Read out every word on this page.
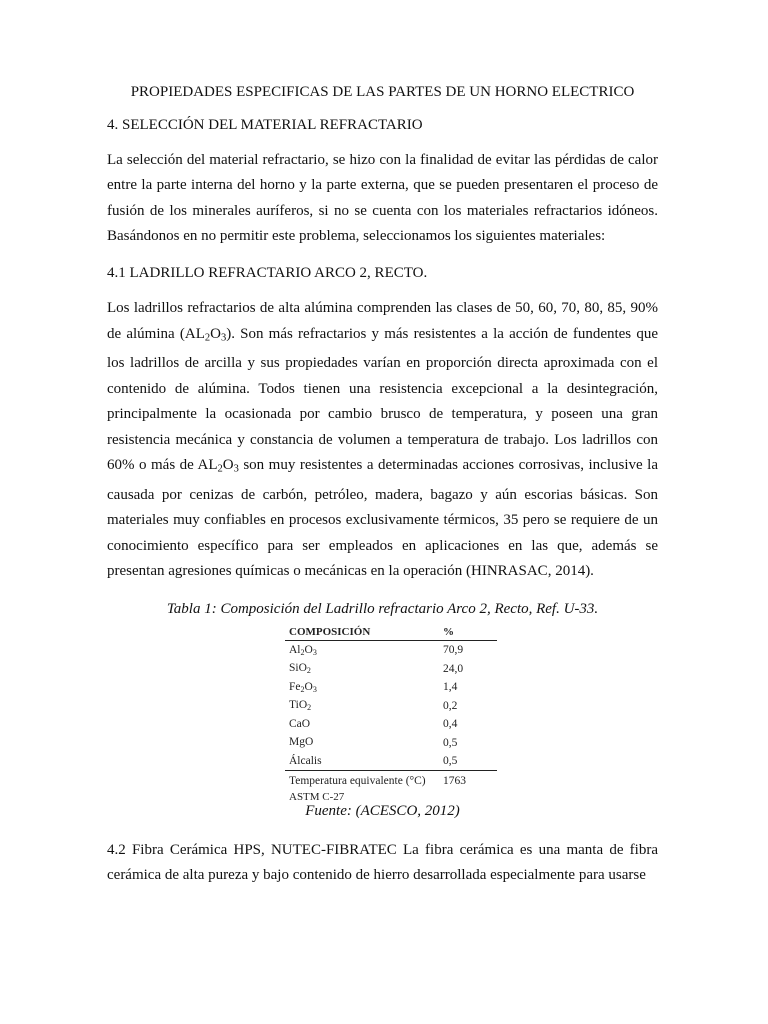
PROPIEDADES ESPECIFICAS DE LAS PARTES DE UN HORNO ELECTRICO

4. SELECCIÓN DEL MATERIAL REFRACTARIO

La selección del material refractario, se hizo con la finalidad de evitar las pérdidas de calor entre la parte interna del horno y la parte externa, que se pueden presentaren el proceso de fusión de los minerales auríferos, si no se cuenta con los materiales refractarios idóneos. Basándonos en no permitir este problema, seleccionamos los siguientes materiales:

4.1 LADRILLO REFRACTARIO ARCO 2, RECTO.

Los ladrillos refractarios de alta alúmina comprenden las clases de 50, 60, 70, 80, 85, 90% de alúmina $(AL_2O_3)$. Son más refractarios y más resistentes a la acción de fundentes que los ladrillos de arcilla y sus propiedades varían en proporción directa aproximada con el contenido de alúmina. Todos tienen una resistencia excepcional a la desintegración, principalmente la ocasionada por cambio brusco de temperatura, y poseen una gran resistencia mecánica y constancia de volumen a temperatura de trabajo. Los ladrillos con 60% o más de $AL_2O_3$ son muy resistentes a determinadas acciones corrosivas, inclusive la causada por cenizas de carbón, petróleo, madera, bagazo y aún escorias básicas. Son materiales muy confiables en procesos exclusivamente térmicos, 35 pero se requiere de un conocimiento específico para ser empleados en aplicaciones en las que, además se presentan agresiones químicas o mecánicas en la operación (HINRASAC, 2014).

Tabla 1: Composición del Ladrillo refractario Arco 2, Recto, Ref. U-33.

COMPOSICIÓN	%
$Al_2O_3$	70,9
SiO$_2$	24,0
$Fe_2O_3$	1,4
TiO$_2$	0,2
CaO	0,4
MgO	0,5
Álcalis	0,5
Temperatura equivalente (°C)	1763
ASTM C-27

Fuente: (ACESCO, 2012)

4.2 Fibra Cerámica HPS, NUTEC-FIBRATEC La fibra cerámica es una manta de fibra cerámica de alta pureza y bajo contenido de hierro desarrollada especialmente para usarse
